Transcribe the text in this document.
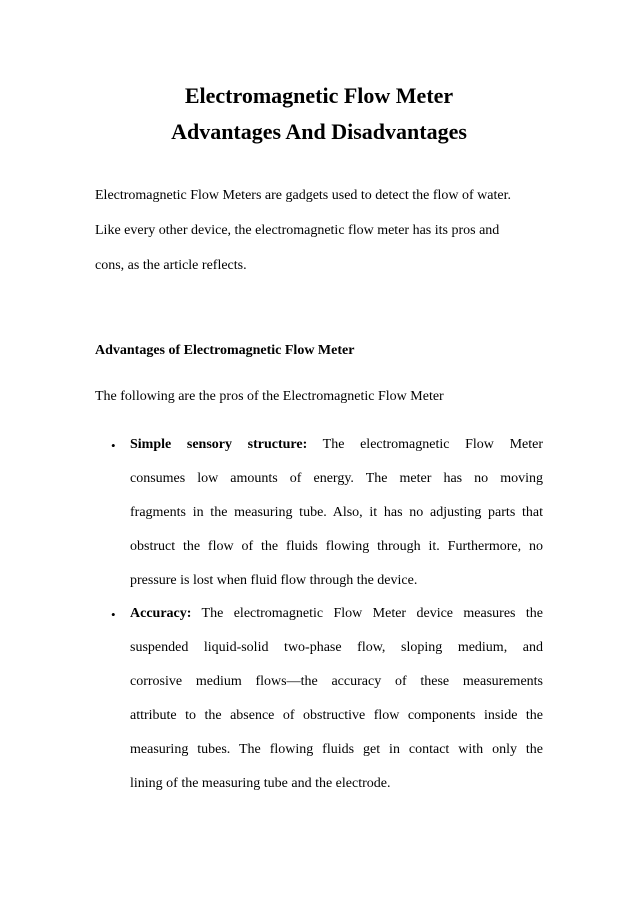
Electromagnetic Flow Meter
Advantages And Disadvantages

Electromagnetic Flow Meters are gadgets used to detect the flow of water.
Like every other device, the electromagnetic flow meter has its pros and
cons, as the article reflects.

Advantages of Electromagnetic Flow Meter

The following are the pros of the Electromagnetic Flow Meter

• Simple sensory structure: The electromagnetic Flow Meter
consumes low amounts of energy. The meter has no moving
fragments in the measuring tube. Also, it has no adjusting parts that
obstruct the flow of the fluids flowing through it. Furthermore, no
pressure is lost when fluid flow through the device.
• Accuracy: The electromagnetic Flow Meter device measures the
suspended liquid-solid two-phase flow, sloping medium, and
corrosive medium flows—the accuracy of these measurements
attribute to the absence of obstructive flow components inside the
measuring tubes. The flowing fluids get in contact with only the
lining of the measuring tube and the electrode.
